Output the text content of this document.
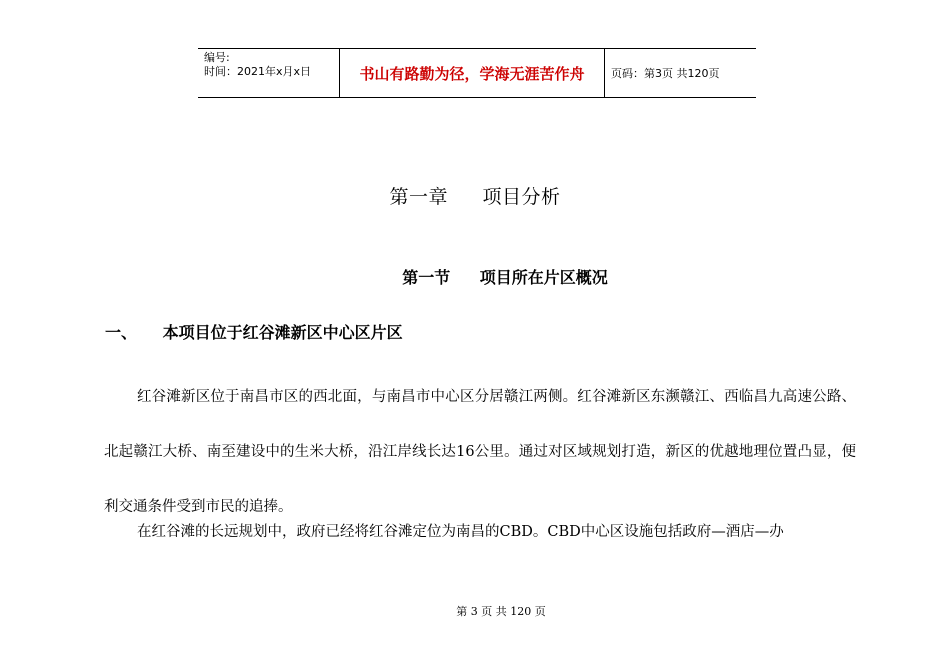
编号:
时间：2021年x月x日	书山有路勤为径，学海无涯苦作舟	页码：第3页 共120页
第一章 项目分析
第一节 项目所在片区概况
一、 本项目位于红谷滩新区中心区片区
红谷滩新区位于南昌市区的西北面，与南昌市中心区分居赣江两侧。红谷滩新区东濒赣江、西临昌九高速公路、北起赣江大桥、南至建设中的生米大桥，沿江岸线长达16公里。通过对区域规划打造，新区的优越地理位置凸显，便利交通条件受到市民的追捧。
在红谷滩的长远规划中，政府已经将红谷滩定位为南昌的CBD。CBD中心区设施包括政府—酒店—办
第 3 页 共 120 页
